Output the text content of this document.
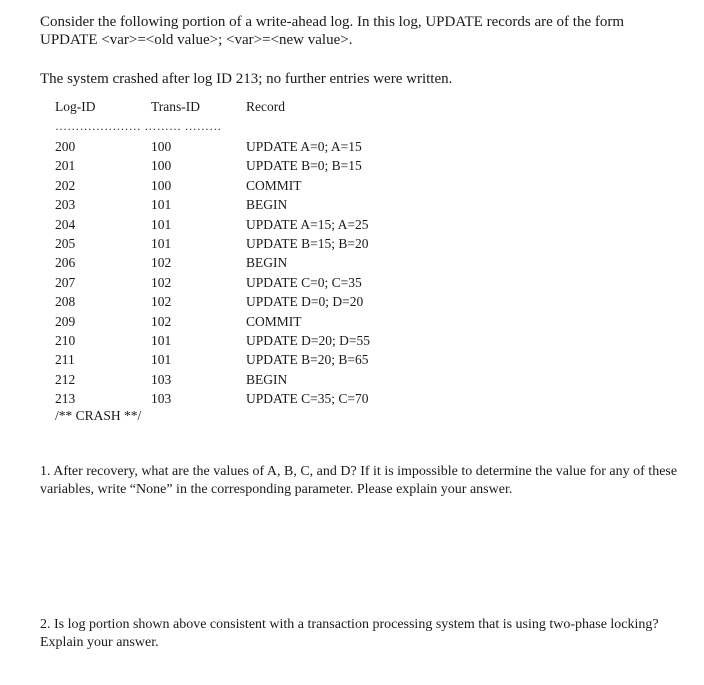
Consider the following portion of a write-ahead log. In this log, UPDATE records are of the form
UPDATE <var>=<old value>; <var>=<new value>.
The system crashed after log ID 213; no further entries were written.
Log-ID	Trans-ID	Record
………………… ……… ………
200	100	UPDATE A=0; A=15
201	100	UPDATE B=0; B=15
202	100	COMMIT
203	101	BEGIN
204	101	UPDATE A=15; A=25
205	101	UPDATE B=15; B=20
206	102	BEGIN
207	102	UPDATE C=0; C=35
208	102	UPDATE D=0; D=20
209	102	COMMIT
210	101	UPDATE D=20; D=55
211	101	UPDATE B=20; B=65
212	103	BEGIN
213	103	UPDATE C=35; C=70
/** CRASH **/
1. After recovery, what are the values of A, B, C, and D? If it is impossible to determine the value for any of these variables, write “None” in the corresponding parameter. Please explain your answer.
2. Is log portion shown above consistent with a transaction processing system that is using two-phase locking? Explain your answer.
